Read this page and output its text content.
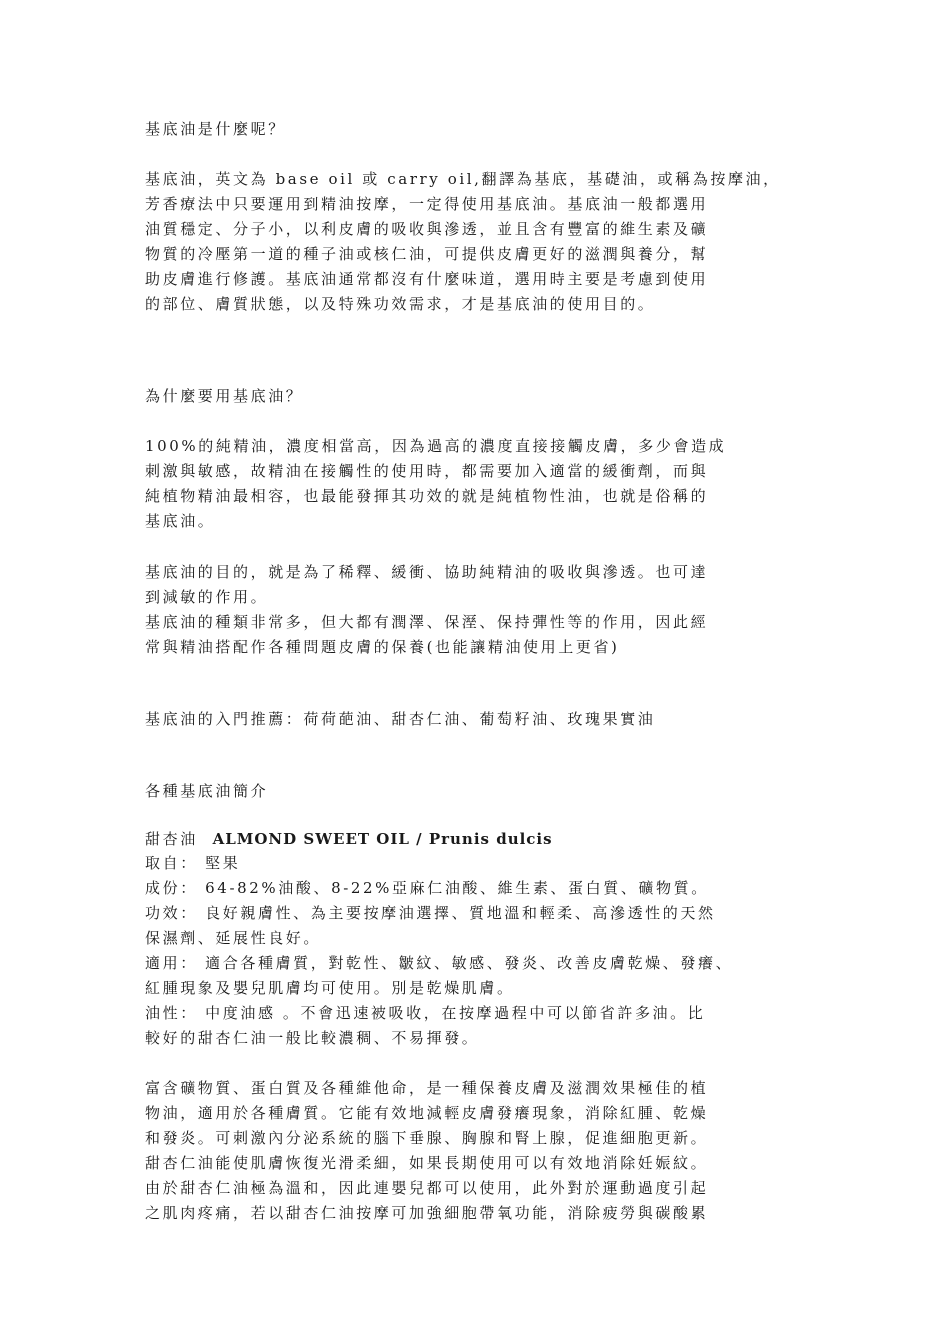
基底油是什麼呢？
基底油，英文為 base oil 或 carry oil,翻譯為基底，基礎油，或稱為按摩油，
芳香療法中只要運用到精油按摩，一定得使用基底油。基底油一般都選用
油質穩定、分子小，以利皮膚的吸收與滲透，並且含有豐富的維生素及礦
物質的冷壓第一道的種子油或核仁油，可提供皮膚更好的滋潤與養分，幫
助皮膚進行修護。基底油通常都沒有什麼味道，選用時主要是考慮到使用
的部位、膚質狀態，以及特殊功效需求，才是基底油的使用目的。
為什麼要用基底油？
100%的純精油，濃度相當高，因為過高的濃度直接接觸皮膚，多少會造成
刺激與敏感，故精油在接觸性的使用時，都需要加入適當的緩衝劑，而與
純植物精油最相容，也最能發揮其功效的就是純植物性油，也就是俗稱的
基底油。
基底油的目的，就是為了稀釋、緩衝、協助純精油的吸收與滲透。也可達
到減敏的作用。
基底油的種類非常多，但大都有潤澤、保溼、保持彈性等的作用，因此經
常與精油搭配作各種問題皮膚的保養(也能讓精油使用上更省)
基底油的入門推薦：荷荷葩油、甜杏仁油、葡萄籽油、玫瑰果實油
各種基底油簡介
甜杏油 ALMOND SWEET OIL / Prunis dulcis
取自： 堅果
成份： 64-82%油酸、8-22%亞麻仁油酸、維生素、蛋白質、礦物質。
功效： 良好親膚性、為主要按摩油選擇、質地溫和輕柔、高滲透性的天然
保濕劑、延展性良好。
適用： 適合各種膚質，對乾性、皺紋、敏感、發炎、改善皮膚乾燥、發癢、
紅腫現象及嬰兒肌膚均可使用。別是乾燥肌膚。
油性： 中度油感 。不會迅速被吸收，在按摩過程中可以節省許多油。比
較好的甜杏仁油一般比較濃稠、不易揮發。
富含礦物質、蛋白質及各種維他命，是一種保養皮膚及滋潤效果極佳的植
物油，適用於各種膚質。它能有效地減輕皮膚發癢現象，消除紅腫、乾燥
和發炎。可刺激內分泌系統的腦下垂腺、胸腺和腎上腺，促進細胞更新。
甜杏仁油能使肌膚恢復光滑柔細，如果長期使用可以有效地消除妊娠紋。
由於甜杏仁油極為溫和，因此連嬰兒都可以使用，此外對於運動過度引起
之肌肉疼痛，若以甜杏仁油按摩可加強細胞帶氧功能，消除疲勞與碳酸累
